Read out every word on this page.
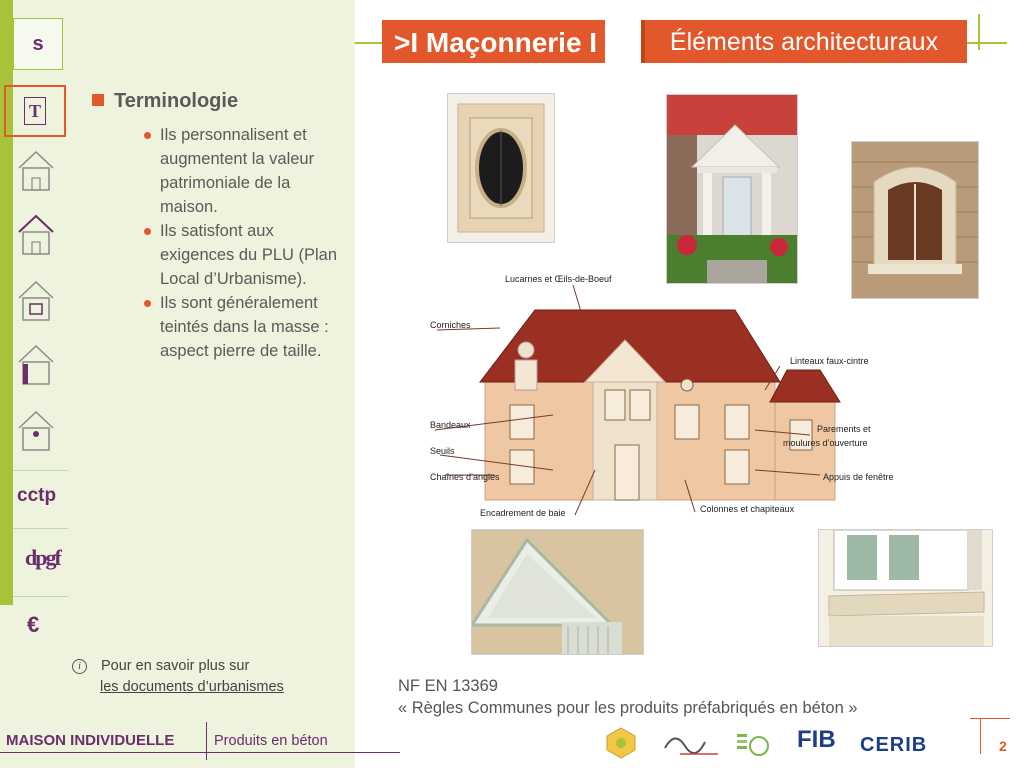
s
T
cctp
dpgf
€
Terminologie
Ils personnalisent et augmentent la valeur patrimoniale de la maison.
Ils satisfont aux exigences du PLU (Plan Local d’Urbanisme).
Ils sont généralement teintés dans la masse : aspect pierre de taille.
i Pour en savoir plus sur
les documents d’urbanismes
>I Maçonnerie I	Éléments architecturaux
Lucarnes et Œils-de-Boeuf
Corniches
Linteaux faux-cintre
Parements et
moulures d’ouverture
Bandeaux
Seuils
Chaînes d’angles	Appuis de fenêtre
Encadrement de baie	Colonnes et chapiteaux
NF EN 13369
« Règles Communes pour les produits préfabriqués en béton »
MAISON INDIVIDUELLE	Produits en béton	FIB CERIB	2
